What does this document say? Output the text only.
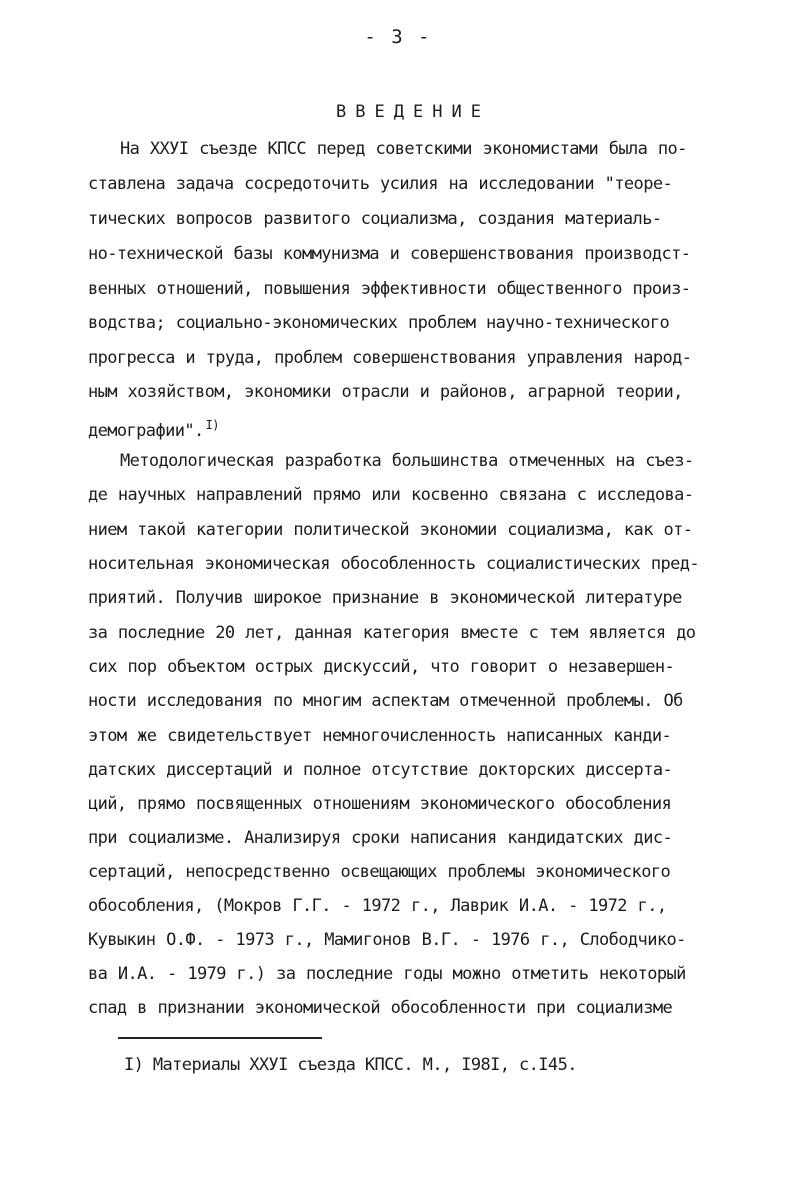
- 3 -
ВВЕДЕНИЕ
На ХХУI съезде КПСС перед советскими экономистами была по-
ставлена задача сосредоточить усилия на исследовании "теоре-
тических вопросов развитого социализма, создания материаль-
но-технической базы коммунизма и совершенствования производст-
венных отношений, повышения эффективности общественного произ-
водства; социально-экономических проблем научно-технического
прогресса и труда, проблем совершенствования управления народ-
ным хозяйством, экономики отрасли и районов, аграрной теории,
демографии". $^{I)}$
Методологическая разработка большинства отмеченных на съез-
де научных направлений прямо или косвенно связана с исследова-
нием такой категории политической экономии социализма, как от-
носительная экономическая обособленность социалистических пред-
приятий. Получив широкое признание в экономической литературе
за последние 20 лет, данная категория вместе с тем является до
сих пор объектом острых дискуссий, что говорит о незавершен-
ности исследования по многим аспектам отмеченной проблемы. Об
этом же свидетельствует немногочисленность написанных канди-
датских диссертаций и полное отсутствие докторских диссерта-
ций, прямо посвященных отношениям экономического обособления
при социализме. Анализируя сроки написания кандидатских дис-
сертаций, непосредственно освещающих проблемы экономического
обособления, (Мокров Г.Г. - 1972 г., Лаврик И.А. - 1972 г.,
Кувыкин О.Ф. - 1973 г., Мамигонов В.Г. - 1976 г., Слободчико-
ва И.А. - 1979 г.) за последние годы можно отметить некоторый
спад в признании экономической обособленности при социализме
I) Материалы ХХУI съезда КПСС. М., I98I, с.I45.
